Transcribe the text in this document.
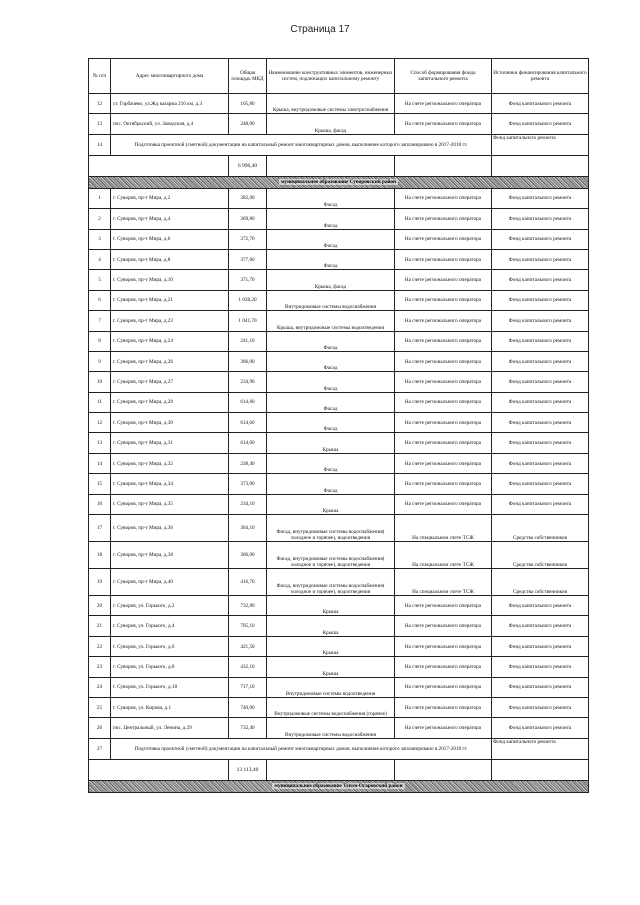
Страница 17
№ п/п	Адрес многоквартирного дома	Общая площадь МКД	Наименование конструктивных элементов, инженерных систем, подлежащих капитальному ремонту	Способ формирования фонда капитального ремонта	Источники финансирования капитального ремонта
12	ст. Горбачево, ул.Жд казарма 216 км, д.3	105,80	Крыша, внутридомовые системы электроснабжения	На счете регионального оператора	Фонд капитального ремонта
13	пос. Октябрьский, ул. Заводская, д.4	248,00	Крыша, фасад	На счете регионального оператора	Фонд капитального ремонта
14	Подготовка проектной (сметной) документации на капитальный ремонт многоквартирных домов, выполнение которого запланировано в 2017-2018 гг.				Фонд капитального ремонта
		6 996,40			
муниципальное образование Суворовский район					
1	г. Суворов, пр-т Мира, д.2	382,00	Фасад	На счете регионального оператора	Фонд капитального ремонта
2	г. Суворов, пр-т Мира, д.4	369,80	Фасад	На счете регионального оператора	Фонд капитального ремонта
3	г. Суворов, пр-т Мира, д.6	372,70	Фасад	На счете регионального оператора	Фонд капитального ремонта
4	г. Суворов, пр-т Мира, д.8	377,60	Фасад	На счете регионального оператора	Фонд капитального ремонта
5	г. Суворов, пр-т Мира, д.10	371,70	Крыша, фасад	На счете регионального оператора	Фонд капитального ремонта
6	г. Суворов, пр-т Мира, д.21	1 038,20	Внутридомовые системы водоснабжения	На счете регионального оператора	Фонд капитального ремонта
7	г. Суворов, пр-т Мира, д.23	1 041,70	Крыша, внутридомовые системы водоотведения	На счете регионального оператора	Фонд капитального ремонта
8	г. Суворов, пр-т Мира, д.24	241,10	Фасад	На счете регионального оператора	Фонд капитального ремонта
9	г. Суворов, пр-т Мира, д.26	366,00	Фасад	На счете регионального оператора	Фонд капитального ремонта
10	г. Суворов, пр-т Мира, д.27	234,90	Фасад	На счете регионального оператора	Фонд капитального ремонта
11	г. Суворов, пр-т Мира, д.28	614,60	Фасад	На счете регионального оператора	Фонд капитального ремонта
12	г. Суворов, пр-т Мира, д.30	614,60	Фасад	На счете регионального оператора	Фонд капитального ремонта
13	г. Суворов, пр-т Мира, д.31	614,60	Крыша	На счете регионального оператора	Фонд капитального ремонта
14	г. Суворов, пр-т Мира, д.32	238,40	Фасад	На счете регионального оператора	Фонд капитального ремонта
15	г. Суворов, пр-т Мира, д.34	373,00	Фасад	На счете регионального оператора	Фонд капитального ремонта
16	г. Суворов, пр-т Мира, д.35	234,10	Крыша	На счете регионального оператора	Фонд капитального ремонта
17	г. Суворов, пр-т Мира, д.36	364,10	Фасад, внутридомовые системы водоснабжения( холодное и горячее), водоотведения	На специальном счете ТСЖ	Средства собственников
18	г. Суворов, пр-т Мира, д.38	366,00	Фасад, внутридомовые системы водоснабжения( холодное и горячее), водоотведения	На специальном счете ТСЖ	Средства собственников
19	г. Суворов, пр-т Мира, д.40	416,70	Фасад, внутридомовые системы водоснабжения( холодное и горячее), водоотведения	На специальном счете ТСЖ	Средства собственников
20	г. Суворов, ул. Горького, д.2	732,80	Крыша	На счете регионального оператора	Фонд капитального ремонта
21	г. Суворов, ул. Горького, д.4	705,10	Крыша	На счете регионального оператора	Фонд капитального ремонта
22	г. Суворов, ул. Горького, д.6	421,50	Крыша	На счете регионального оператора	Фонд капитального ремонта
23	г. Суворов, ул. Горького, д.8	432,10	Крыша	На счете регионального оператора	Фонд капитального ремонта
24	г. Суворов, ул. Горького, д.18	717,10	Внутридомовые системы водоотведения	На счете регионального оператора	Фонд капитального ремонта
25	г. Суворов, ул. Кирова, д.1	740,00	Внутридомовые системы водоснабжения (горячее)	На счете регионального оператора	Фонд капитального ремонта
26	пос. Центральный, ул. Ленина, д.29	732,40	Внутридомовые системы водоснабжения	На счете регионального оператора	Фонд капитального ремонта
27	Подготовка проектной (сметной) документации на капитальный ремонт многоквартирных домов, выполнение которого запланировано в 2017-2018 гг.				Фонд капитального ремонта
		13 113,40			
муниципальное образование Тепло-Огаревский район					
